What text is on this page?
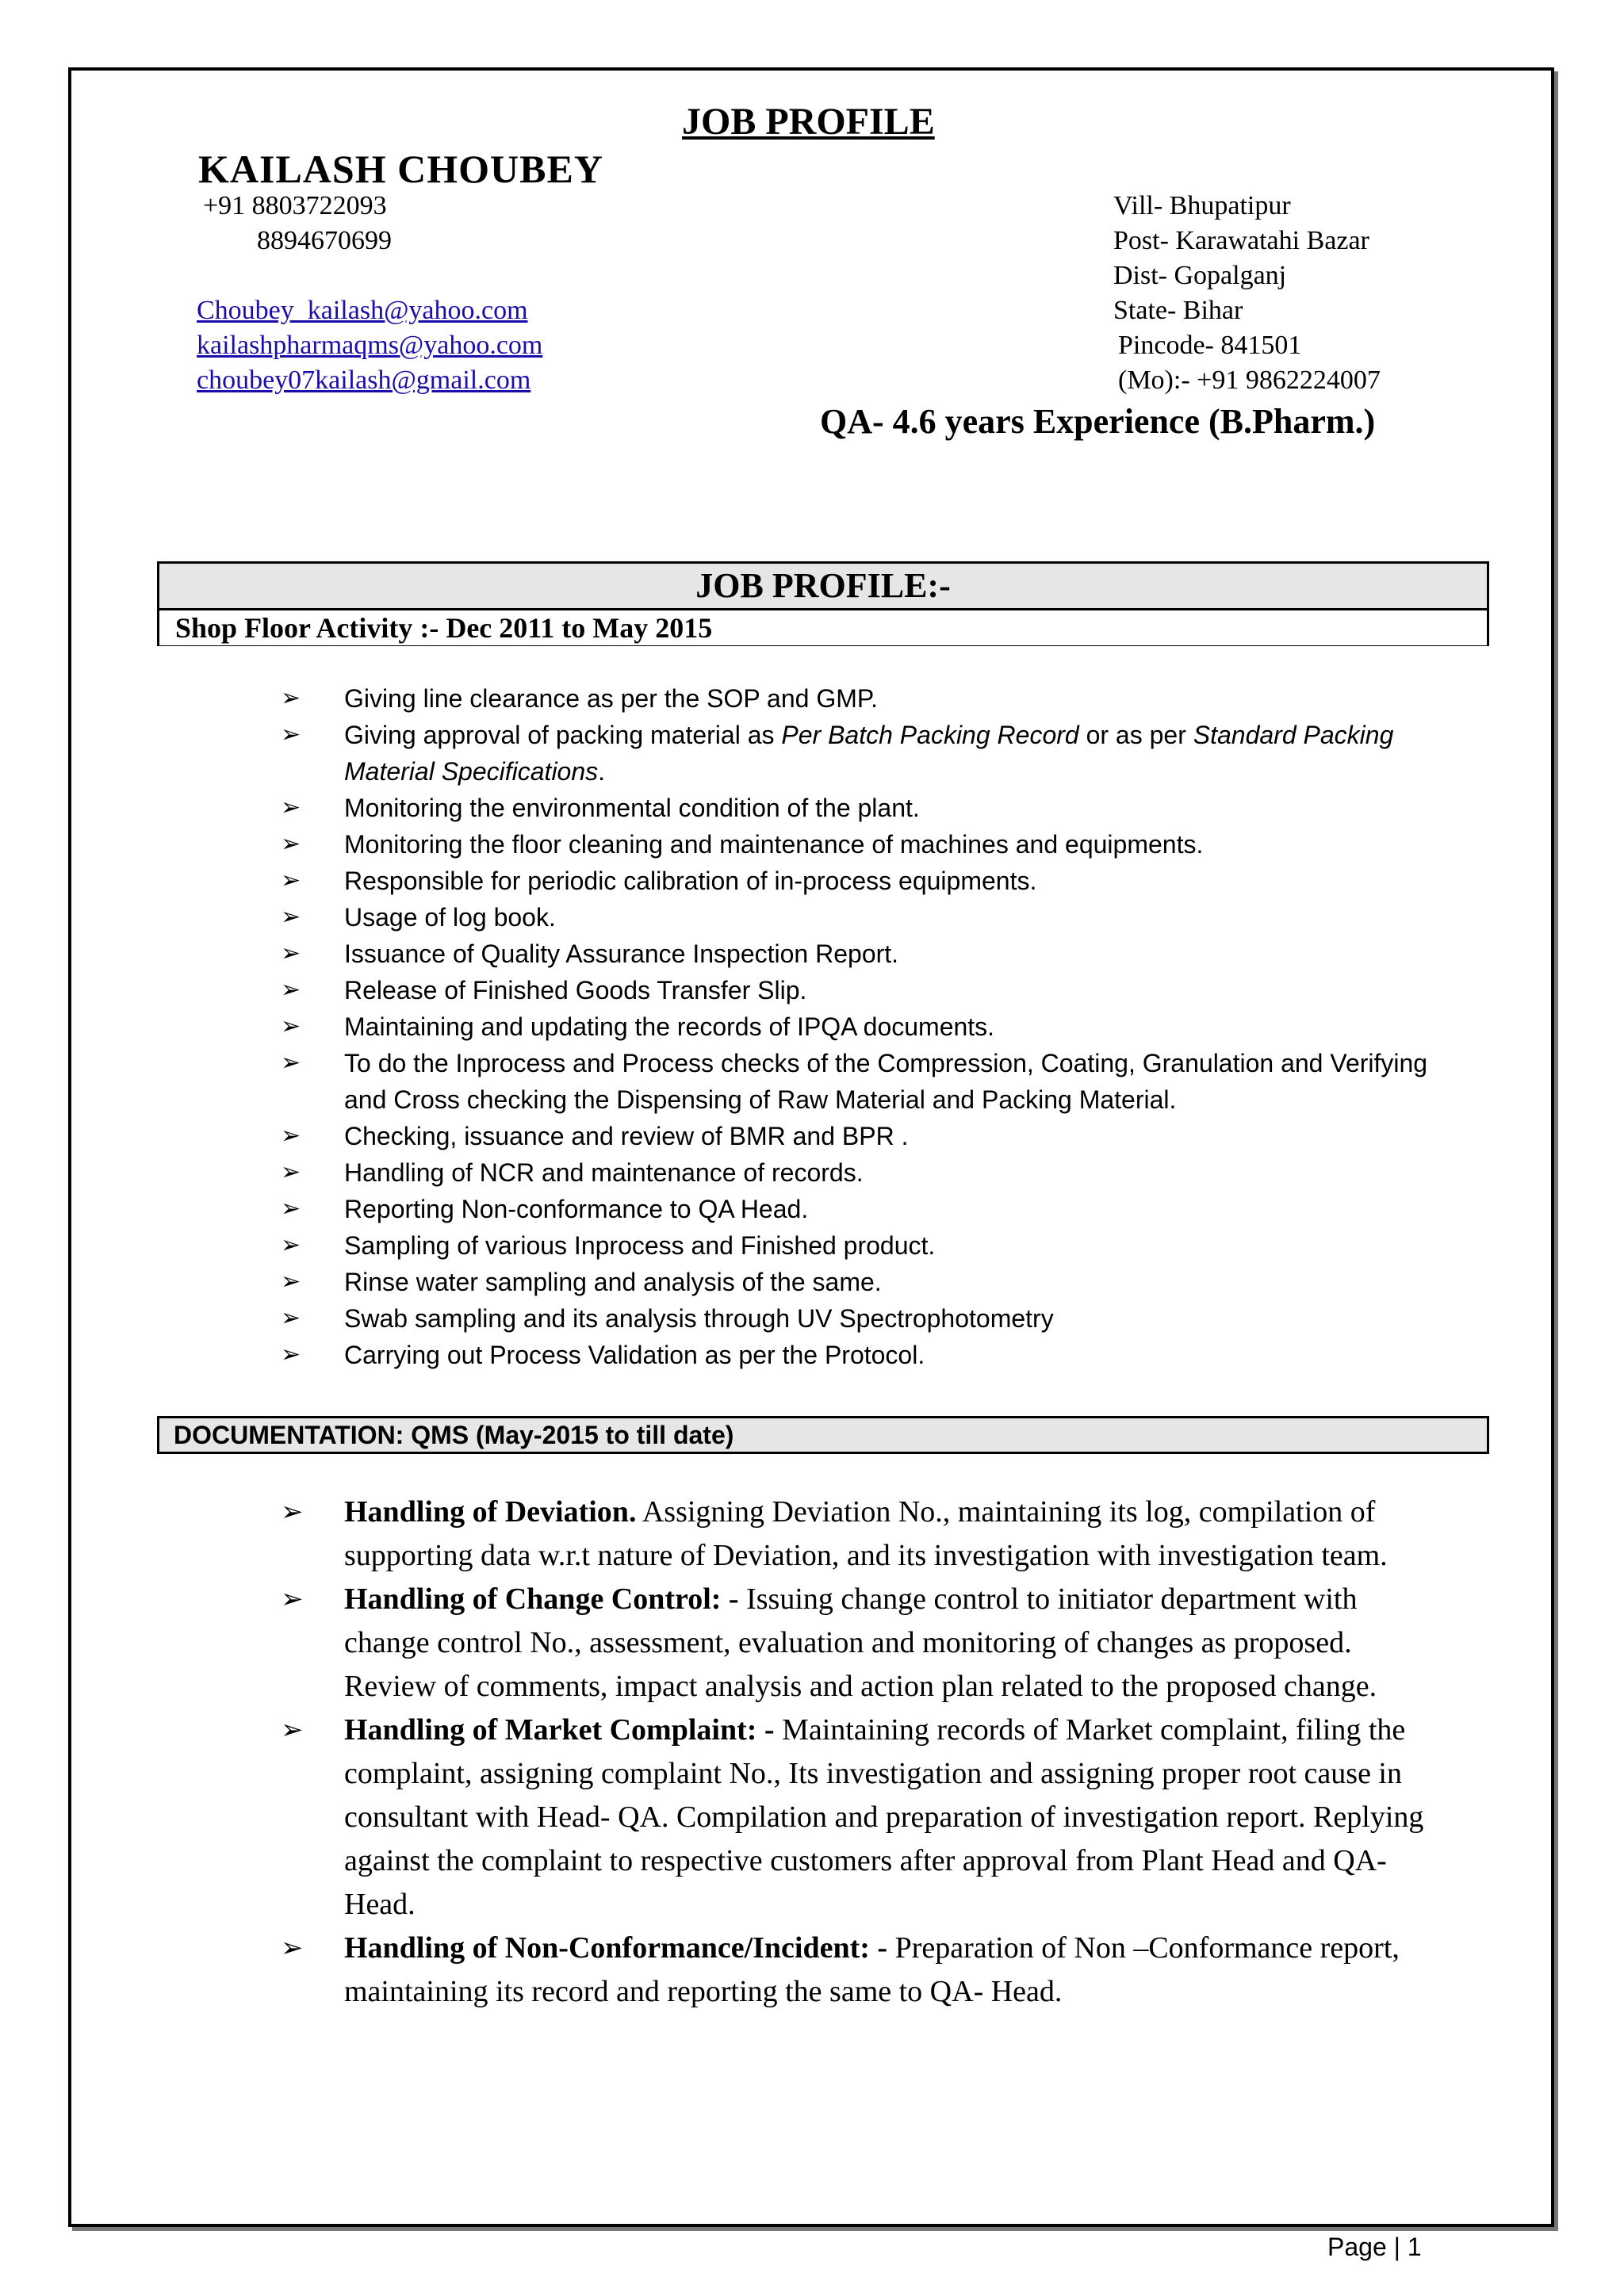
JOB PROFILE
KAILASH CHOUBEY
+91 8803722093
8894670699
Choubey_kailash@yahoo.com
kailashpharmaqms@yahoo.com
choubey07kailash@gmail.com
Vill- Bhupatipur
Post- Karawatahi Bazar
Dist- Gopalganj
State- Bihar
Pincode- 841501
(Mo):- +91 9862224007
QA- 4.6 years Experience (B.Pharm.)
JOB PROFILE:-
Shop Floor Activity :- Dec 2011 to May 2015
➢	Giving line clearance as per the SOP and GMP.
➢	Giving approval of packing material as Per Batch Packing Record or as per Standard Packing Material Specifications.
➢	Monitoring the environmental condition of the plant.
➢	Monitoring the floor cleaning and maintenance of machines and equipments.
➢	Responsible for periodic calibration of in-process equipments.
➢	Usage of log book.
➢	Issuance of Quality Assurance Inspection Report.
➢	Release of Finished Goods Transfer Slip.
➢	Maintaining and updating the records of IPQA documents.
➢	To do the Inprocess and Process checks of the Compression, Coating, Granulation and Verifying and Cross checking the Dispensing of Raw Material and Packing Material.
➢	Checking, issuance and review of BMR and BPR .
➢	Handling of NCR and maintenance of records.
➢	Reporting Non-conformance to QA Head.
➢	Sampling of various Inprocess and Finished product.
➢	Rinse water sampling and analysis of the same.
➢	Swab sampling and its analysis through UV Spectrophotometry
➢	Carrying out Process Validation as per the Protocol.
DOCUMENTATION: QMS (May-2015 to till date)
➢	Handling of Deviation. Assigning Deviation No., maintaining its log, compilation of supporting data w.r.t nature of Deviation, and its investigation with investigation team.
➢	Handling of Change Control: - Issuing change control to initiator department with change control No., assessment, evaluation and monitoring of changes as proposed. Review of comments, impact analysis and action plan related to the proposed change.
➢	Handling of Market Complaint: - Maintaining records of Market complaint, filing the complaint, assigning complaint No., Its investigation and assigning proper root cause in consultant with Head- QA. Compilation and preparation of investigation report. Replying against the complaint to respective customers after approval from Plant Head and QA- Head.
➢	Handling of Non-Conformance/Incident: - Preparation of Non –Conformance report, maintaining its record and reporting the same to QA- Head.
Page | 1
